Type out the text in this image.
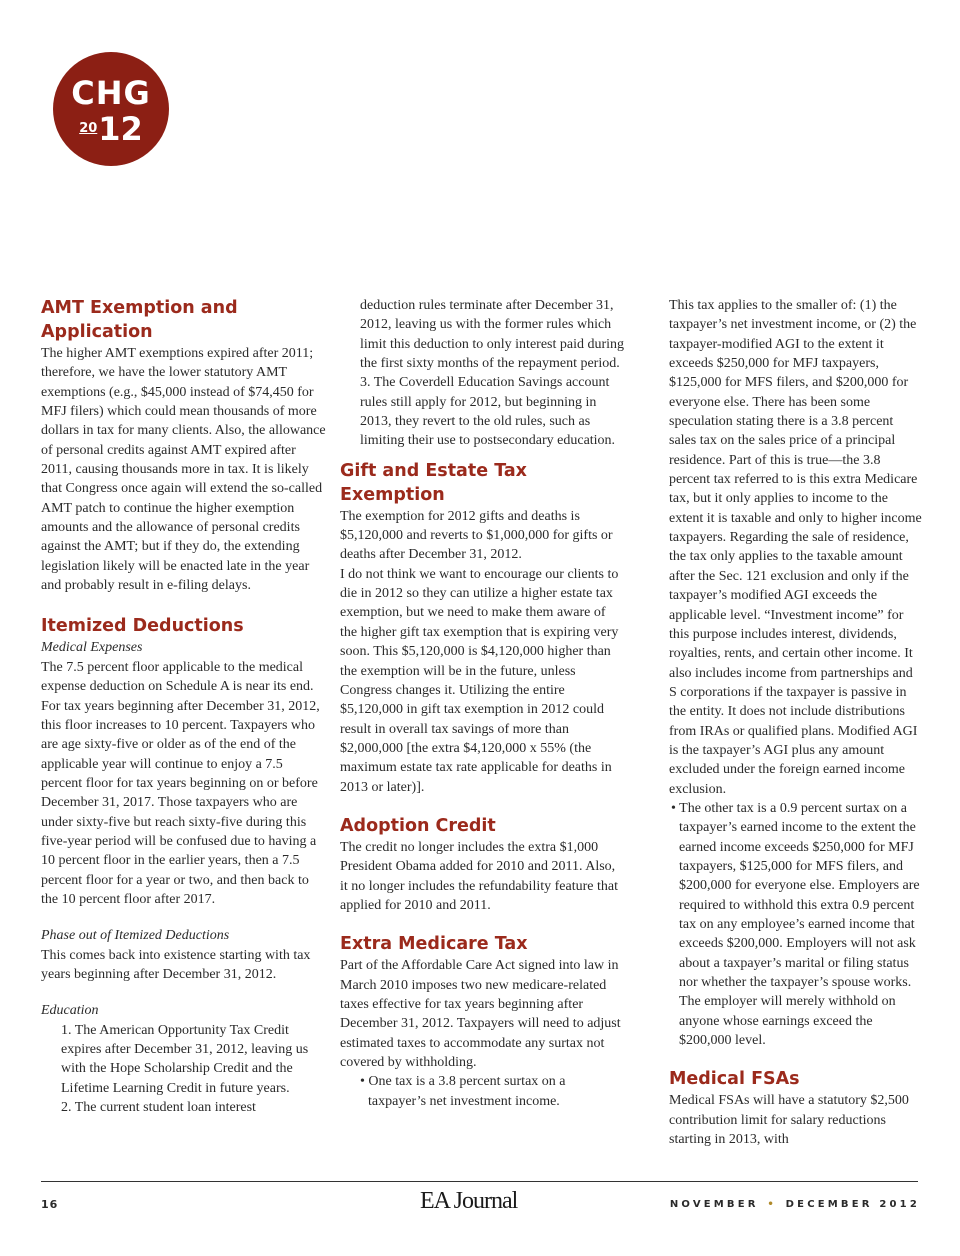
CHG
$^{20}$12
AMT Exemption and Application

The higher AMT exemptions expired after 2011; therefore, we have the lower statutory AMT exemptions (e.g., $45,000 instead of $74,450 for MFJ filers) which could mean thousands of more dollars in tax for many clients. Also, the allowance of personal credits against AMT expired after 2011, causing thousands more in tax. It is likely that Congress once again will extend the so-called AMT patch to continue the higher exemption amounts and the allowance of personal credits against the AMT; but if they do, the extending legislation likely will be enacted late in the year and probably result in e-filing delays.

Itemized Deductions
Medical Expenses

The 7.5 percent floor applicable to the medical expense deduction on Schedule A is near its end. For tax years beginning after December 31, 2012, this floor increases to 10 percent. Taxpayers who are age sixty-five or older as of the end of the applicable year will continue to enjoy a 7.5 percent floor for tax years beginning on or before December 31, 2017. Those taxpayers who are under sixty-five but reach sixty-five during this five-year period will be confused due to having a 10 percent floor in the earlier years, then a 7.5 percent floor for a year or two, and then back to the 10 percent floor after 2017.

Phase out of Itemized Deductions

This comes back into existence starting with tax years beginning after December 31, 2012.

Education

1. The American Opportunity Tax Credit expires after December 31, 2012, leaving us with the Hope Scholarship Credit and the Lifetime Learning Credit in future years.

2. The current student loan interest

deduction rules terminate after December 31, 2012, leaving us with the former rules which limit this deduction to only interest paid during the first sixty months of the repayment period.

3. The Coverdell Education Savings account rules still apply for 2012, but beginning in 2013, they revert to the old rules, such as limiting their use to postsecondary education.

Gift and Estate Tax Exemption

The exemption for 2012 gifts and deaths is $5,120,000 and reverts to $1,000,000 for gifts or deaths after December 31, 2012.

I do not think we want to encourage our clients to die in 2012 so they can utilize a higher estate tax exemption, but we need to make them aware of the higher gift tax exemption that is expiring very soon. This $5,120,000 is $4,120,000 higher than the exemption will be in the future, unless Congress changes it. Utilizing the entire $5,120,000 in gift tax exemption in 2012 could result in overall tax savings of more than $2,000,000 [the extra $4,120,000 x 55% (the maximum estate tax rate applicable for deaths in 2013 or later)].

Adoption Credit

The credit no longer includes the extra $1,000 President Obama added for 2010 and 2011. Also, it no longer includes the refundability feature that applied for 2010 and 2011.

Extra Medicare Tax

Part of the Affordable Care Act signed into law in March 2010 imposes two new medicare-related taxes effective for tax years beginning after December 31, 2012. Taxpayers will need to adjust estimated taxes to accommodate any surtax not covered by withholding.

• One tax is a 3.8 percent surtax on a taxpayer’s net investment income.

This tax applies to the smaller of: (1) the taxpayer’s net investment income, or (2) the taxpayer-modified AGI to the extent it exceeds $250,000 for MFJ taxpayers, $125,000 for MFS filers, and $200,000 for everyone else. There has been some speculation stating there is a 3.8 percent sales tax on the sales price of a principal residence. Part of this is true—the 3.8 percent tax referred to is this extra Medicare tax, but it only applies to income to the extent it is taxable and only to higher income taxpayers. Regarding the sale of residence, the tax only applies to the taxable amount after the Sec. 121 exclusion and only if the taxpayer’s modified AGI exceeds the applicable level. “Investment income” for this purpose includes interest, dividends, royalties, rents, and certain other income. It also includes income from partnerships and S corporations if the taxpayer is passive in the entity. It does not include distributions from IRAs or qualified plans. Modified AGI is the taxpayer’s AGI plus any amount excluded under the foreign earned income exclusion.

• The other tax is a 0.9 percent surtax on a taxpayer’s earned income to the extent the earned income exceeds $250,000 for MFJ taxpayers, $125,000 for MFS filers, and $200,000 for everyone else. Employers are required to withhold this extra 0.9 percent tax on any employee’s earned income that exceeds $200,000. Employers will not ask about a taxpayer’s marital or filing status nor whether the taxpayer’s spouse works. The employer will merely withhold on anyone whose earnings exceed the $200,000 level.

Medical FSAs

Medical FSAs will have a statutory $2,500 contribution limit for salary reductions starting in 2013, with

16	EA Journal	NOVEMBER • DECEMBER 2012
